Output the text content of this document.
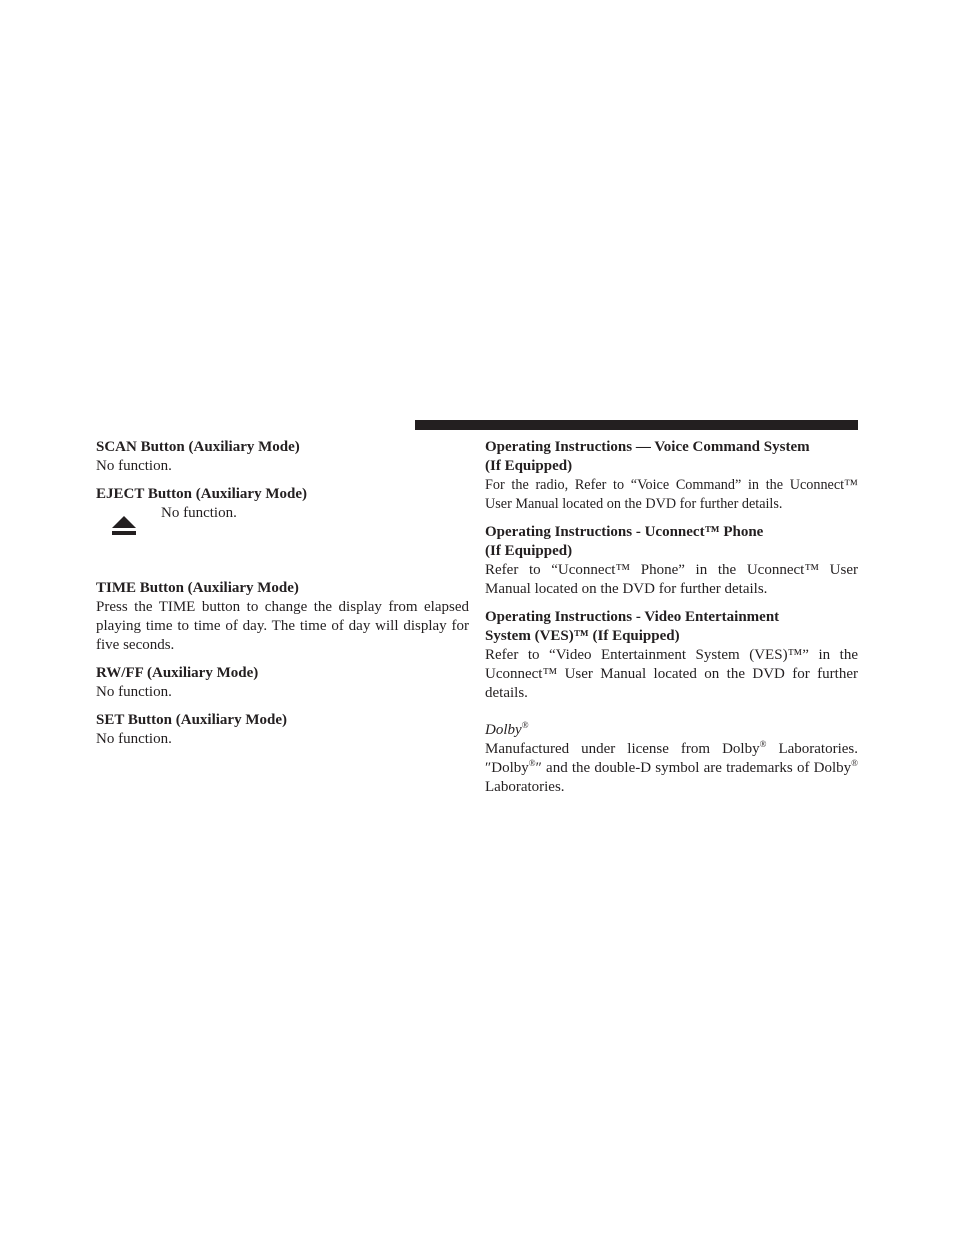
SCAN Button (Auxiliary Mode)

No function.

EJECT Button (Auxiliary Mode)

No function.

TIME Button (Auxiliary Mode)

Press the TIME button to change the display from elapsed playing time to time of day. The time of day will display for five seconds.

RW/FF (Auxiliary Mode)

No function.

SET Button (Auxiliary Mode)

No function.

Operating Instructions — Voice Command System

(If Equipped)

For the radio, Refer to “Voice Command” in the Uconnect™ User Manual located on the DVD for further details.

Operating Instructions - Uconnect™ Phone

(If Equipped)

Refer to “Uconnect™ Phone” in the Uconnect™ User Manual located on the DVD for further details.

Operating Instructions - Video Entertainment

System (VES)™ (If Equipped)

Refer to “Video Entertainment System (VES)™” in the Uconnect™ User Manual located on the DVD for further details.

Dolby®

Manufactured under license from Dolby® Laboratories. ″Dolby®″ and the double-D symbol are trademarks of Dolby® Laboratories.
